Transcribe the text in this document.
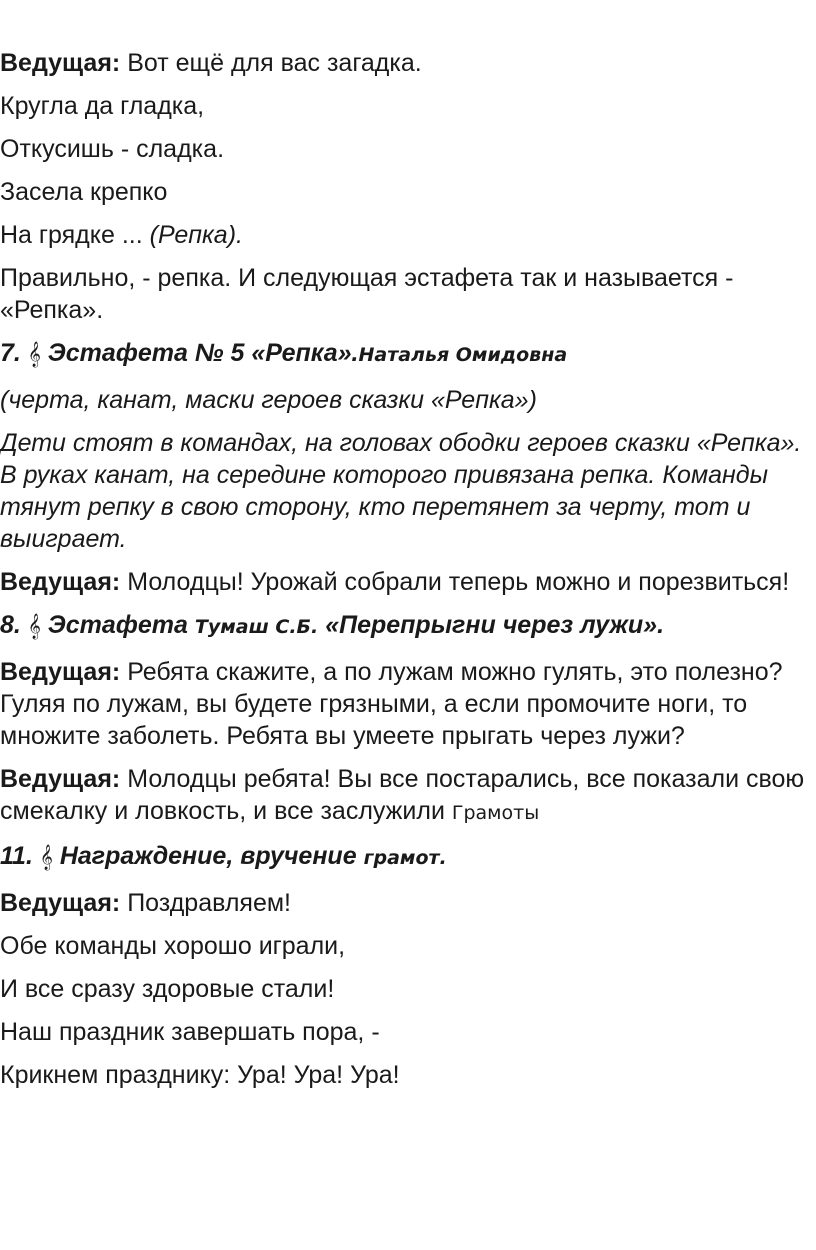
Ведущая: Вот ещё для вас загадка.

Кругла да гладка,

Откусишь - сладка.

Засела крепко

На грядке ... (Репка).

Правильно, - репка. И следующая эстафета так и называется - «Репка».

7. 𝄞 Эстафета № 5 «Репка».Наталья Омидовна

(черта, канат, маски героев сказки «Репка»)

Дети стоят в командах, на головах ободки героев сказки «Репка». В руках канат, на середине которого привязана репка. Команды тянут репку в свою сторону, кто перетянет за черту, тот и выиграет.

Ведущая: Молодцы! Урожай собрали теперь можно и порезвиться!

8. 𝄞 Эстафета Тумаш С.Б. «Перепрыгни через лужи».

Ведущая: Ребята скажите, а по лужам можно гулять, это полезно? Гуляя по лужам, вы будете грязными, а если промочите ноги, то множите заболеть. Ребята вы умеете прыгать через лужи?

Ведущая: Молодцы ребята! Вы все постарались, все показали свою смекалку и ловкость, и все заслужили Грамоты

11. 𝄞 Награждение, вручение грамот.

Ведущая: Поздравляем!

Обе команды хорошо играли,

И все сразу здоровые стали!

Наш праздник завершать пора, -

Крикнем празднику: Ура! Ура! Ура!
